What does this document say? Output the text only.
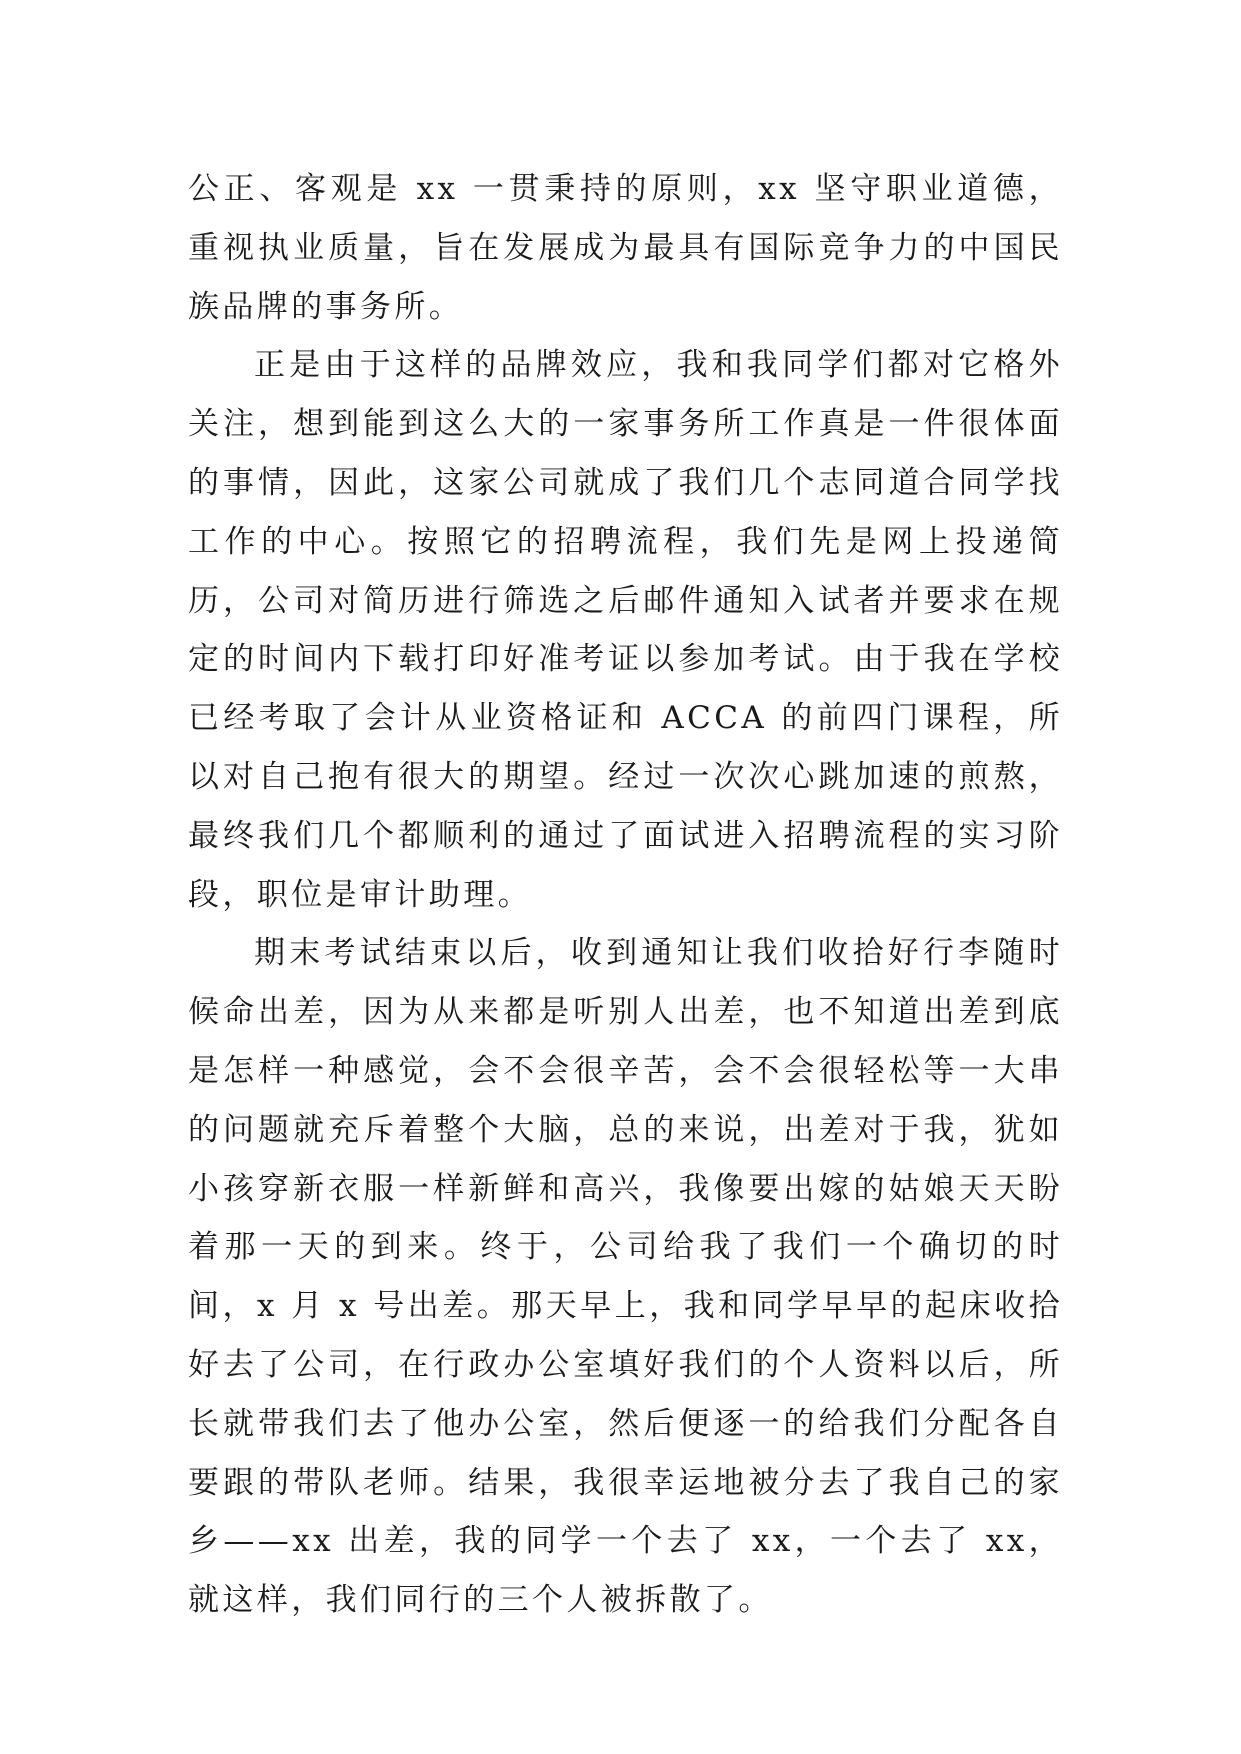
公正、客观是 xx 一贯秉持的原则，xx 坚守职业道德，重视执业质量，旨在发展成为最具有国际竞争力的中国民族品牌的事务所。

正是由于这样的品牌效应，我和我同学们都对它格外关注，想到能到这么大的一家事务所工作真是一件很体面的事情，因此，这家公司就成了我们几个志同道合同学找工作的中心。按照它的招聘流程，我们先是网上投递简历，公司对简历进行筛选之后邮件通知入试者并要求在规定的时间内下载打印好准考证以参加考试。由于我在学校已经考取了会计从业资格证和 ACCA 的前四门课程，所以对自己抱有很大的期望。经过一次次心跳加速的煎熬，最终我们几个都顺利的通过了面试进入招聘流程的实习阶段，职位是审计助理。

期末考试结束以后，收到通知让我们收拾好行李随时候命出差，因为从来都是听别人出差，也不知道出差到底是怎样一种感觉，会不会很辛苦，会不会很轻松等一大串的问题就充斥着整个大脑，总的来说，出差对于我，犹如小孩穿新衣服一样新鲜和高兴，我像要出嫁的姑娘天天盼着那一天的到来。终于，公司给我了我们一个确切的时间，x 月 x 号出差。那天早上，我和同学早早的起床收拾好去了公司，在行政办公室填好我们的个人资料以后，所长就带我们去了他办公室，然后便逐一的给我们分配各自要跟的带队老师。结果，我很幸运地被分去了我自己的家乡——xx 出差，我的同学一个去了 xx，一个去了 xx，就这样，我们同行的三个人被拆散了。
